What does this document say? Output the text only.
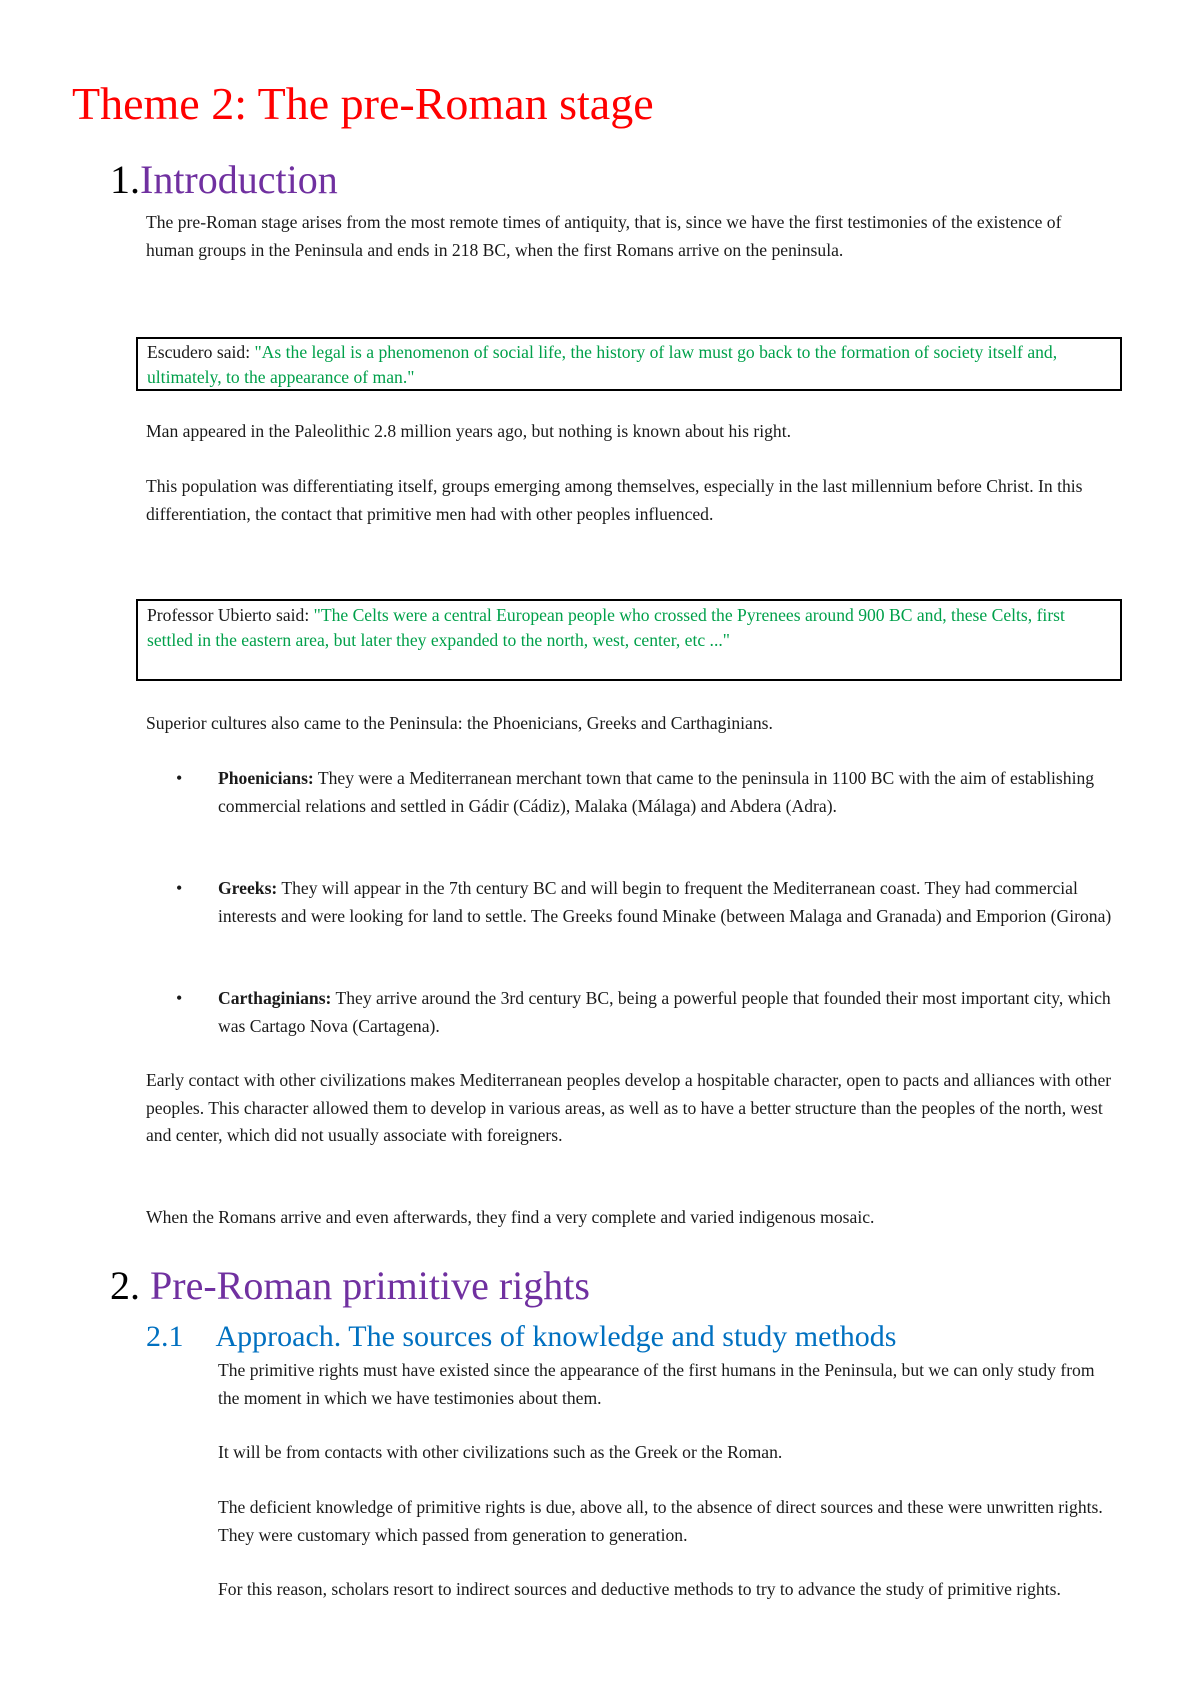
Theme 2: The pre-Roman stage
1.Introduction

The pre-Roman stage arises from the most remote times of antiquity, that is, since we have the first testimonies of the existence of human groups in the Peninsula and ends in 218 BC, when the first Romans arrive on the peninsula.

Escudero said: "As the legal is a phenomenon of social life, the history of law must go back to the formation of society itself and, ultimately, to the appearance of man."

Man appeared in the Paleolithic 2.8 million years ago, but nothing is known about his right.

This population was differentiating itself, groups emerging among themselves, especially in the last millennium before Christ. In this differentiation, the contact that primitive men had with other peoples influenced.

Professor Ubierto said: "The Celts were a central European people who crossed the Pyrenees around 900 BC and, these Celts, first settled in the eastern area, but later they expanded to the north, west, center, etc ..."

Superior cultures also came to the Peninsula: the Phoenicians, Greeks and Carthaginians.

•	Phoenicians: They were a Mediterranean merchant town that came to the peninsula in 1100 BC with the aim of establishing commercial relations and settled in Gádir (Cádiz), Malaka (Málaga) and Abdera (Adra).
•	Greeks: They will appear in the 7th century BC and will begin to frequent the Mediterranean coast. They had commercial interests and were looking for land to settle. The Greeks found Minake (between Malaga and Granada) and Emporion (Girona)
•	Carthaginians: They arrive around the 3rd century BC, being a powerful people that founded their most important city, which was Cartago Nova (Cartagena).

Early contact with other civilizations makes Mediterranean peoples develop a hospitable character, open to pacts and alliances with other peoples. This character allowed them to develop in various areas, as well as to have a better structure than the peoples of the north, west and center, which did not usually associate with foreigners.

When the Romans arrive and even afterwards, they find a very complete and varied indigenous mosaic.

2. Pre-Roman primitive rights
2.1 Approach. The sources of knowledge and study methods

The primitive rights must have existed since the appearance of the first humans in the Peninsula, but we can only study from the moment in which we have testimonies about them.

It will be from contacts with other civilizations such as the Greek or the Roman.

The deficient knowledge of primitive rights is due, above all, to the absence of direct sources and these were unwritten rights. They were customary which passed from generation to generation.

For this reason, scholars resort to indirect sources and deductive methods to try to advance the study of primitive rights.
